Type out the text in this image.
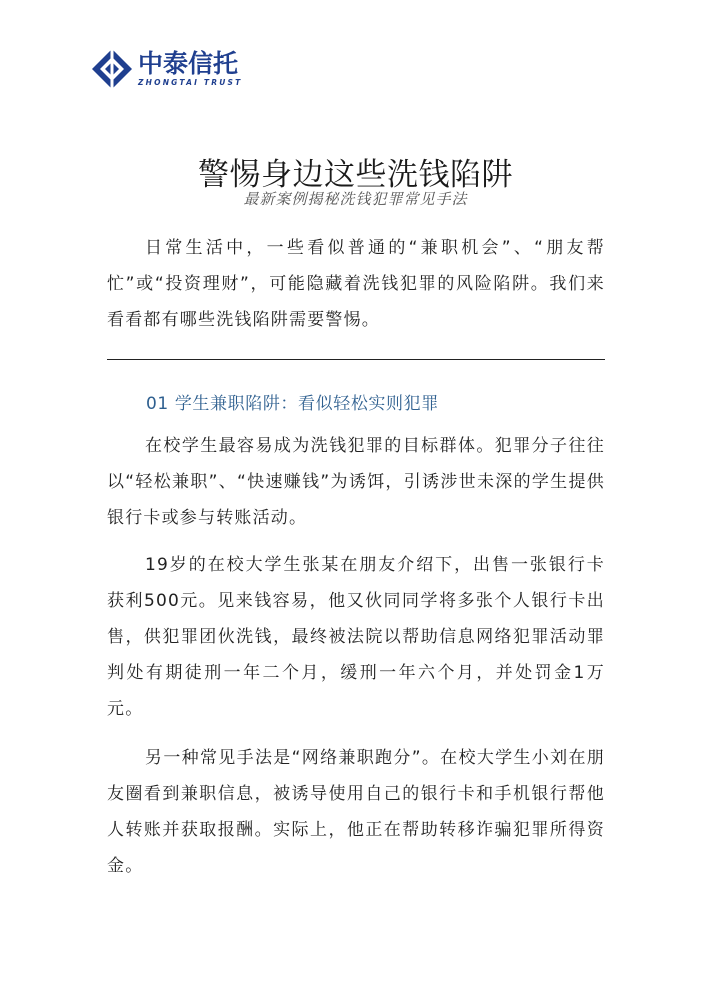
中泰信托
ZHONGTAI TRUST
警惕身边这些洗钱陷阱
最新案例揭秘洗钱犯罪常见手法

日常生活中，一些看似普通的“兼职机会”、“朋友帮忙”或“投资理财”，可能隐藏着洗钱犯罪的风险陷阱。我们来看看都有哪些洗钱陷阱需要警惕。

01 学生兼职陷阱：看似轻松实则犯罪

在校学生最容易成为洗钱犯罪的目标群体。犯罪分子往往以“轻松兼职”、“快速赚钱”为诱饵，引诱涉世未深的学生提供银行卡或参与转账活动。

19岁的在校大学生张某在朋友介绍下，出售一张银行卡获利500元。见来钱容易，他又伙同同学将多张个人银行卡出售，供犯罪团伙洗钱，最终被法院以帮助信息网络犯罪活动罪判处有期徒刑一年二个月，缓刑一年六个月，并处罚金1万元。

另一种常见手法是“网络兼职跑分”。在校大学生小刘在朋友圈看到兼职信息，被诱导使用自己的银行卡和手机银行帮他人转账并获取报酬。实际上，他正在帮助转移诈骗犯罪所得资金。
